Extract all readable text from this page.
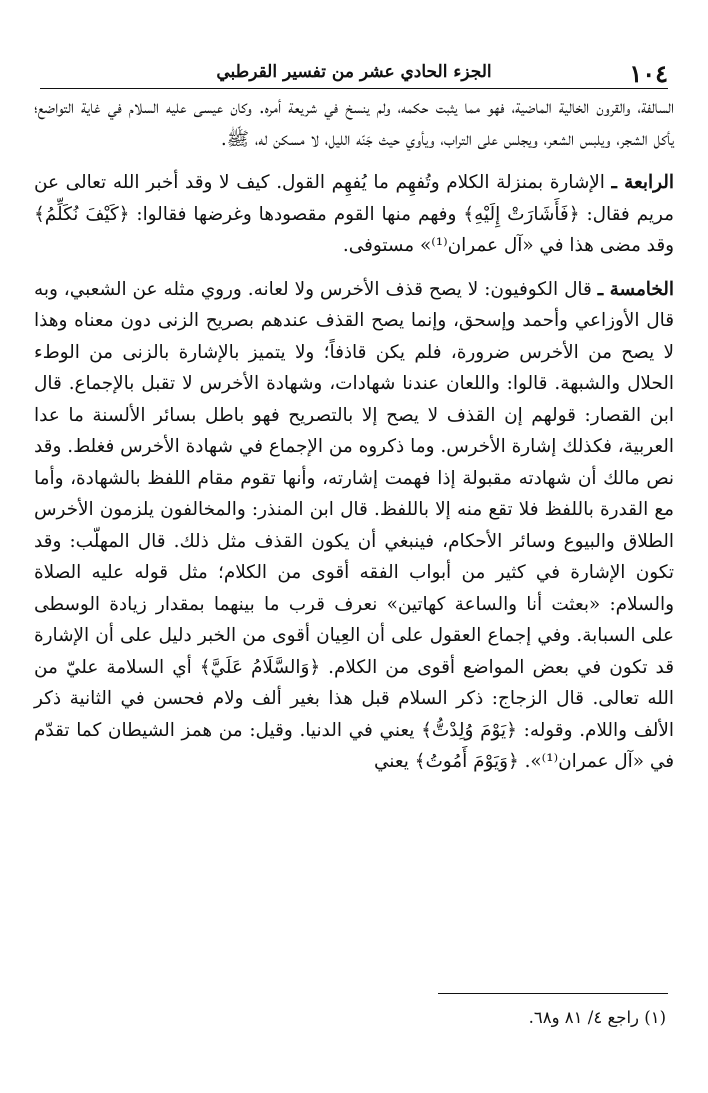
١٠٤
الجزء الحادي عشر من تفسير القرطبي

السالفة، والقرون الخالية الماضية، فهو مما يثبت حكمه، ولم ينسخ في شريعة أمره. وكان عيسى عليه السلام في غاية التواضع؛ يأكل الشجر، ويلبس الشعر، ويجلس على التراب، ويأوي حيث جَنّه الليل، لا مسكن له، ﷺ.

الرابعة ـ الإشارة بمنزلة الكلام وتُفهِم ما يُفهِم القول. كيف لا وقد أخبر الله تعالى عن مريم فقال: ﴿فَأَشَارَتْ إِلَيْهِ﴾ وفهم منها القوم مقصودها وغرضها فقالوا: ﴿كَيْفَ نُكَلِّمُ﴾ وقد مضى هذا في «آل عمران⁽¹⁾» مستوفى.

الخامسة ـ قال الكوفيون: لا يصح قذف الأخرس ولا لعانه. وروي مثله عن الشعبي، وبه قال الأوزاعي وأحمد وإسحق، وإنما يصح القذف عندهم بصريح الزنى دون معناه وهذا لا يصح من الأخرس ضرورة، فلم يكن قاذفاً؛ ولا يتميز بالإشارة بالزنى من الوطء الحلال والشبهة. قالوا: واللعان عندنا شهادات، وشهادة الأخرس لا تقبل بالإجماع. قال ابن القصار: قولهم إن القذف لا يصح إلا بالتصريح فهو باطل بسائر الألسنة ما عدا العربية، فكذلك إشارة الأخرس. وما ذكروه من الإجماع في شهادة الأخرس فغلط. وقد نص مالك أن شهادته مقبولة إذا فهمت إشارته، وأنها تقوم مقام اللفظ بالشهادة، وأما مع القدرة باللفظ فلا تقع منه إلا باللفظ. قال ابن المنذر: والمخالفون يلزمون الأخرس الطلاق والبيوع وسائر الأحكام، فينبغي أن يكون القذف مثل ذلك. قال المهلّب: وقد تكون الإشارة في كثير من أبواب الفقه أقوى من الكلام؛ مثل قوله عليه الصلاة والسلام: «بعثت أنا والساعة كهاتين» نعرف قرب ما بينهما بمقدار زيادة الوسطى على السبابة. وفي إجماع العقول على أن العِيان أقوى من الخبر دليل على أن الإشارة قد تكون في بعض المواضع أقوى من الكلام. ﴿وَالسَّلَامُ عَلَيَّ﴾ أي السلامة عليّ من الله تعالى. قال الزجاج: ذكر السلام قبل هذا بغير ألف ولام فحسن في الثانية ذكر الألف واللام. وقوله: ﴿يَوْمَ وُلِدْتُّ﴾ يعني في الدنيا. وقيل: من همز الشيطان كما تقدّم في «آل عمران⁽¹⁾». ﴿وَيَوْمَ أَمُوتُ﴾ يعني

(١) راجع ٤/ ٨١ و٦٨.
